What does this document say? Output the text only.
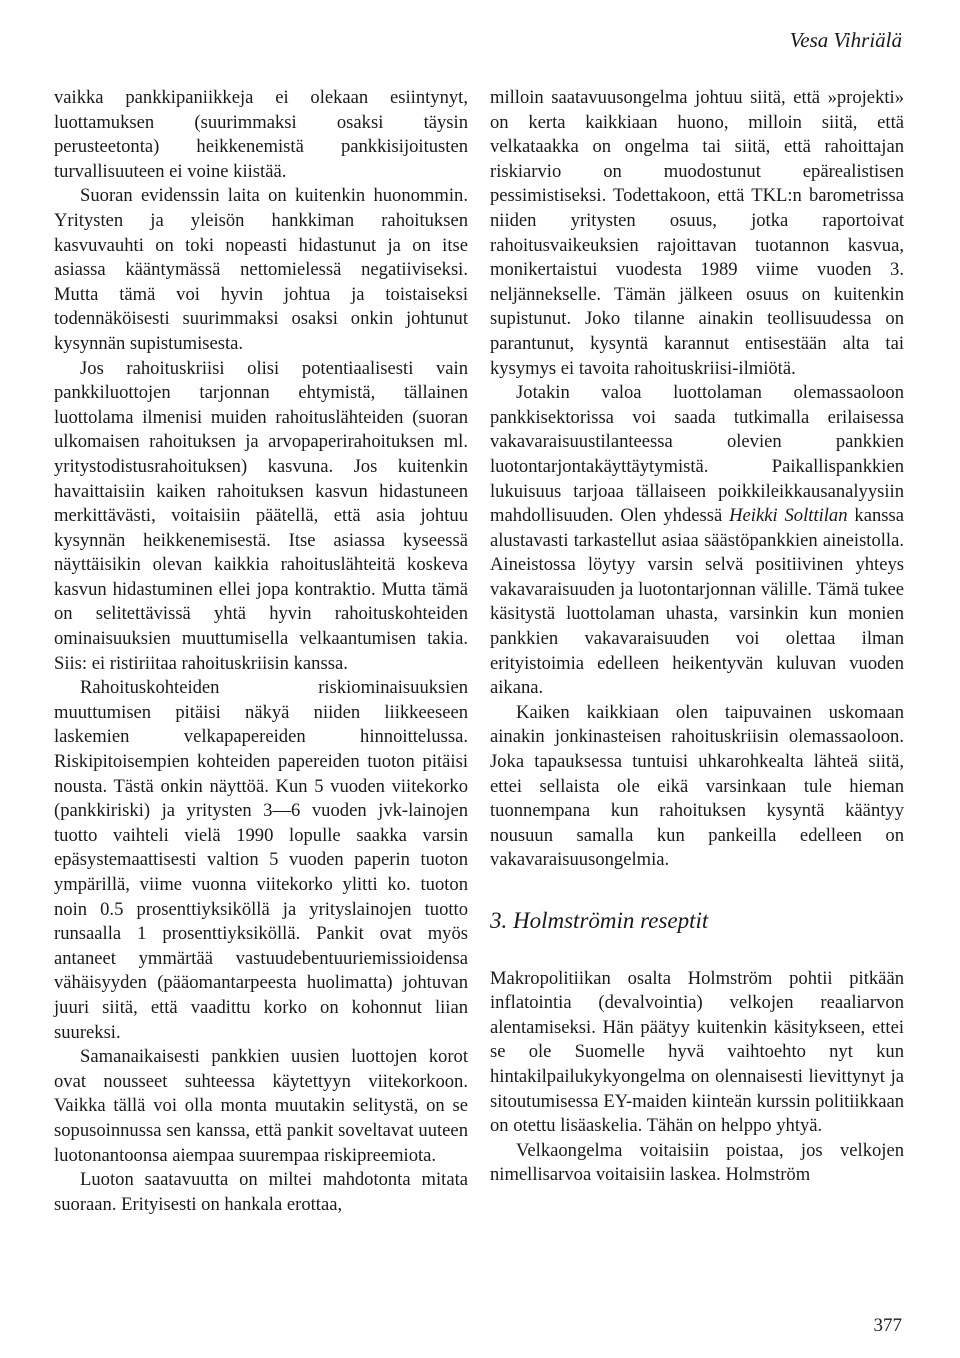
Vesa Vihriälä

vaikka pankkipaniikkeja ei olekaan esiintynyt, luottamuksen (suurimmaksi osaksi täysin perusteetonta) heikkenemistä pankkisijoitusten turvallisuuteen ei voine kiistää.

Suoran evidenssin laita on kuitenkin huonommin. Yritysten ja yleisön hankkiman rahoituksen kasvuvauhti on toki nopeasti hidastunut ja on itse asiassa kääntymässä nettomielessä negatiiviseksi. Mutta tämä voi hyvin johtua ja toistaiseksi todennäköisesti suurimmaksi osaksi onkin johtunut kysynnän supistumisesta.

Jos rahoituskriisi olisi potentiaalisesti vain pankkiluottojen tarjonnan ehtymistä, tällainen luottolama ilmenisi muiden rahoituslähteiden (suoran ulkomaisen rahoituksen ja arvopaperirahoituksen ml. yritystodistusrahoituksen) kasvuna. Jos kuitenkin havaittaisiin kaiken rahoituksen kasvun hidastuneen merkittävästi, voitaisiin päätellä, että asia johtuu kysynnän heikkenemisestä. Itse asiassa kyseessä näyttäisikin olevan kaikkia rahoituslähteitä koskeva kasvun hidastuminen ellei jopa kontraktio. Mutta tämä on selitettävissä yhtä hyvin rahoituskohteiden ominaisuuksien muuttumisella velkaantumisen takia. Siis: ei ristiriitaa rahoituskriisin kanssa.

Rahoituskohteiden riskiominaisuuksien muuttumisen pitäisi näkyä niiden liikkeeseen laskemien velkapapereiden hinnoittelussa. Riskipitoisempien kohteiden papereiden tuoton pitäisi nousta. Tästä onkin näyttöä. Kun 5 vuoden viitekorko (pankkiriski) ja yritysten 3—6 vuoden jvk-lainojen tuotto vaihteli vielä 1990 lopulle saakka varsin epäsystemaattisesti valtion 5 vuoden paperin tuoton ympärillä, viime vuonna viitekorko ylitti ko. tuoton noin 0.5 prosenttiyksiköllä ja yrityslainojen tuotto runsaalla 1 prosenttiyksiköllä. Pankit ovat myös antaneet ymmärtää vastuudebentuuriemissioidensa vähäisyyden (pääomantarpeesta huolimatta) johtuvan juuri siitä, että vaadittu korko on kohonnut liian suureksi.

Samanaikaisesti pankkien uusien luottojen korot ovat nousseet suhteessa käytettyyn viitekorkoon. Vaikka tällä voi olla monta muutakin selitystä, on se sopusoinnussa sen kanssa, että pankit soveltavat uuteen luotonantoonsa aiempaa suurempaa riskipreemiota.

Luoton saatavuutta on miltei mahdotonta mitata suoraan. Erityisesti on hankala erottaa,

milloin saatavuusongelma johtuu siitä, että »projekti» on kerta kaikkiaan huono, milloin siitä, että velkataakka on ongelma tai siitä, että rahoittajan riskiarvio on muodostunut epärealistisen pessimistiseksi. Todettakoon, että TKL:n barometrissa niiden yritysten osuus, jotka raportoivat rahoitusvaikeuksien rajoittavan tuotannon kasvua, monikertaistui vuodesta 1989 viime vuoden 3. neljännekselle. Tämän jälkeen osuus on kuitenkin supistunut. Joko tilanne ainakin teollisuudessa on parantunut, kysyntä karannut entisestään alta tai kysymys ei tavoita rahoituskriisi-ilmiötä.

Jotakin valoa luottolaman olemassaoloon pankkisektorissa voi saada tutkimalla erilaisessa vakavaraisuustilanteessa olevien pankkien luotontarjontakäyttäytymistä. Paikallispankkien lukuisuus tarjoaa tällaiseen poikkileikkausanalyysiin mahdollisuuden. Olen yhdessä Heikki Solttilan kanssa alustavasti tarkastellut asiaa säästöpankkien aineistolla. Aineistossa löytyy varsin selvä positiivinen yhteys vakavaraisuuden ja luotontarjonnan välille. Tämä tukee käsitystä luottolaman uhasta, varsinkin kun monien pankkien vakavaraisuuden voi olettaa ilman erityistoimia edelleen heikentyvän kuluvan vuoden aikana.

Kaiken kaikkiaan olen taipuvainen uskomaan ainakin jonkinasteisen rahoituskriisin olemassaoloon. Joka tapauksessa tuntuisi uhkarohkealta lähteä siitä, ettei sellaista ole eikä varsinkaan tule hieman tuonnempana kun rahoituksen kysyntä kääntyy nousuun samalla kun pankeilla edelleen on vakavaraisuusongelmia.

3. Holmströmin reseptit

Makropolitiikan osalta Holmström pohtii pitkään inflatointia (devalvointia) velkojen reaaliarvon alentamiseksi. Hän päätyy kuitenkin käsitykseen, ettei se ole Suomelle hyvä vaihtoehto nyt kun hintakilpailukykyongelma on olennaisesti lievittynyt ja sitoutumisessa EY-maiden kiinteän kurssin politiikkaan on otettu lisäaskelia. Tähän on helppo yhtyä.

Velkaongelma voitaisiin poistaa, jos velkojen nimellisarvoa voitaisiin laskea. Holmström

377
